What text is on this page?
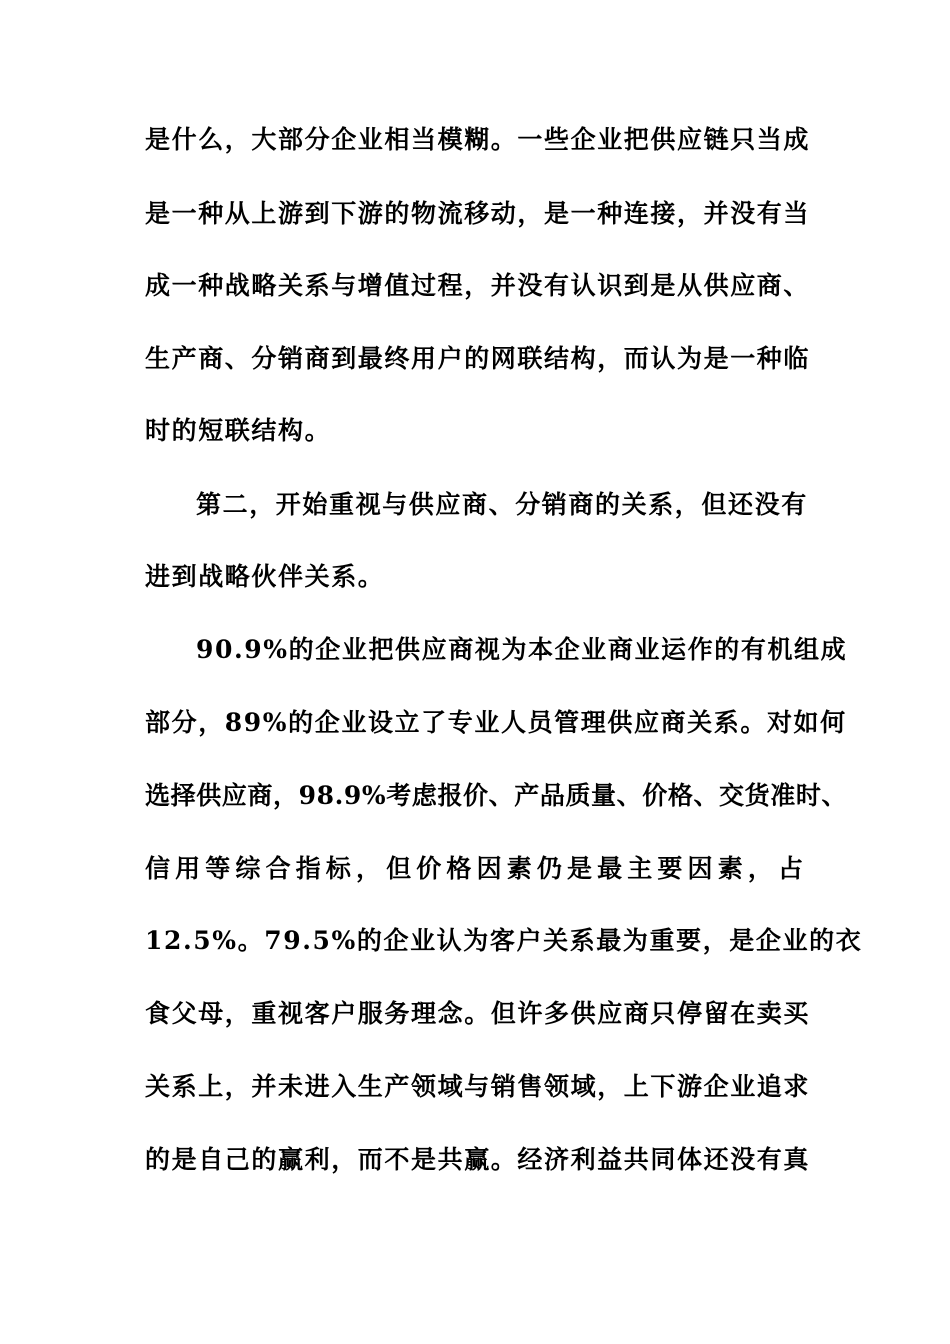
是什么，大部分企业相当模糊。一些企业把供应链只当成
是一种从上游到下游的物流移动，是一种连接，并没有当
成一种战略关系与增值过程，并没有认识到是从供应商、
生产商、分销商到最终用户的网联结构，而认为是一种临
时的短联结构。
第二，开始重视与供应商、分销商的关系，但还没有
进到战略伙伴关系。
90.9%的企业把供应商视为本企业商业运作的有机组成
部分，89%的企业设立了专业人员管理供应商关系。对如何
选择供应商，98.9%考虑报价、产品质量、价格、交货准时、
信用等综合指标，但价格因素仍是最主要因素，占
12.5%。79.5%的企业认为客户关系最为重要，是企业的衣
食父母，重视客户服务理念。但许多供应商只停留在卖买
关系上，并未进入生产领域与销售领域，上下游企业追求
的是自己的赢利，而不是共赢。经济利益共同体还没有真
